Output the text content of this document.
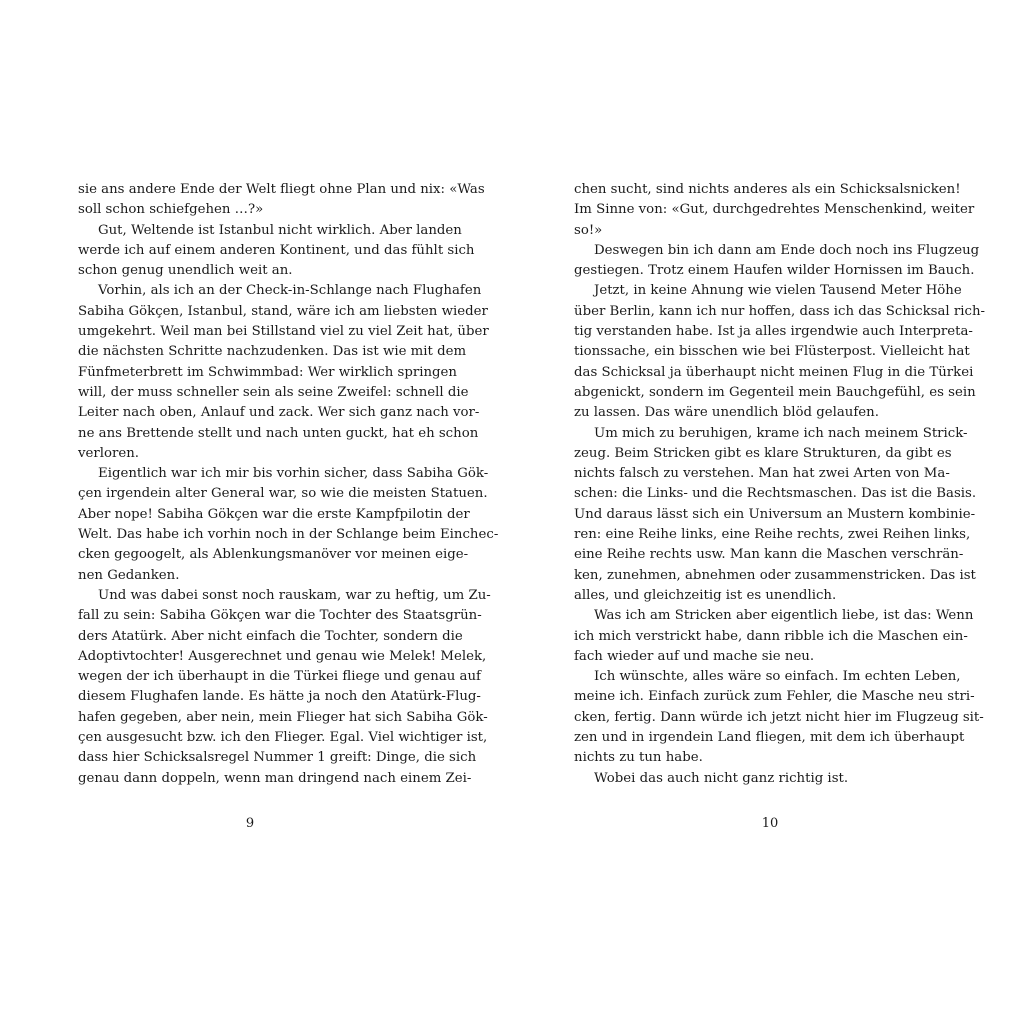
sie ans andere Ende der Welt fliegt ohne Plan und nix: «Was
soll schon schiefgehen …?»
Gut, Weltende ist Istanbul nicht wirklich. Aber landen
werde ich auf einem anderen Kontinent, und das fühlt sich
schon genug unendlich weit an.
Vorhin, als ich an der Check-in-Schlange nach Flughafen
Sabiha Gökçen, Istanbul, stand, wäre ich am liebsten wieder
umgekehrt. Weil man bei Stillstand viel zu viel Zeit hat, über
die nächsten Schritte nachzudenken. Das ist wie mit dem
Fünfmeterbrett im Schwimmbad: Wer wirklich springen
will, der muss schneller sein als seine Zweifel: schnell die
Leiter nach oben, Anlauf und zack. Wer sich ganz nach vor-
ne ans Brettende stellt und nach unten guckt, hat eh schon
verloren.
Eigentlich war ich mir bis vorhin sicher, dass Sabiha Gök-
çen irgendein alter General war, so wie die meisten Statuen.
Aber nope! Sabiha Gökçen war die erste Kampfpilotin der
Welt. Das habe ich vorhin noch in der Schlange beim Einchec-
cken gegoogelt, als Ablenkungsmanöver vor meinen eige-
nen Gedanken.
Und was dabei sonst noch rauskam, war zu heftig, um Zu-
fall zu sein: Sabiha Gökçen war die Tochter des Staatsgrün-
ders Atatürk. Aber nicht einfach die Tochter, sondern die
Adoptivtochter! Ausgerechnet und genau wie Melek! Melek,
wegen der ich überhaupt in die Türkei fliege und genau auf
diesem Flughafen lande. Es hätte ja noch den Atatürk-Flug-
hafen gegeben, aber nein, mein Flieger hat sich Sabiha Gök-
çen ausgesucht bzw. ich den Flieger. Egal. Viel wichtiger ist,
dass hier Schicksalsregel Nummer 1 greift: Dinge, die sich
genau dann doppeln, wenn man dringend nach einem Zei-
9
chen sucht, sind nichts anderes als ein Schicksalsnicken!
Im Sinne von: «Gut, durchgedrehtes Menschenkind, weiter
so!»
Deswegen bin ich dann am Ende doch noch ins Flugzeug
gestiegen. Trotz einem Haufen wilder Hornissen im Bauch.
Jetzt, in keine Ahnung wie vielen Tausend Meter Höhe
über Berlin, kann ich nur hoffen, dass ich das Schicksal rich-
tig verstanden habe. Ist ja alles irgendwie auch Interpreta-
tionssache, ein bisschen wie bei Flüsterpost. Vielleicht hat
das Schicksal ja überhaupt nicht meinen Flug in die Türkei
abgenickt, sondern im Gegenteil mein Bauchgefühl, es sein
zu lassen. Das wäre unendlich blöd gelaufen.
Um mich zu beruhigen, krame ich nach meinem Strick-
zeug. Beim Stricken gibt es klare Strukturen, da gibt es
nichts falsch zu verstehen. Man hat zwei Arten von Ma-
schen: die Links- und die Rechtsmaschen. Das ist die Basis.
Und daraus lässt sich ein Universum an Mustern kombinie-
ren: eine Reihe links, eine Reihe rechts, zwei Reihen links,
eine Reihe rechts usw. Man kann die Maschen verschrän-
ken, zunehmen, abnehmen oder zusammenstricken. Das ist
alles, und gleichzeitig ist es unendlich.
Was ich am Stricken aber eigentlich liebe, ist das: Wenn
ich mich verstrickt habe, dann ribble ich die Maschen ein-
fach wieder auf und mache sie neu.
Ich wünschte, alles wäre so einfach. Im echten Leben,
meine ich. Einfach zurück zum Fehler, die Masche neu stri-
cken, fertig. Dann würde ich jetzt nicht hier im Flugzeug sit-
zen und in irgendein Land fliegen, mit dem ich überhaupt
nichts zu tun habe.
Wobei das auch nicht ganz richtig ist.
10
